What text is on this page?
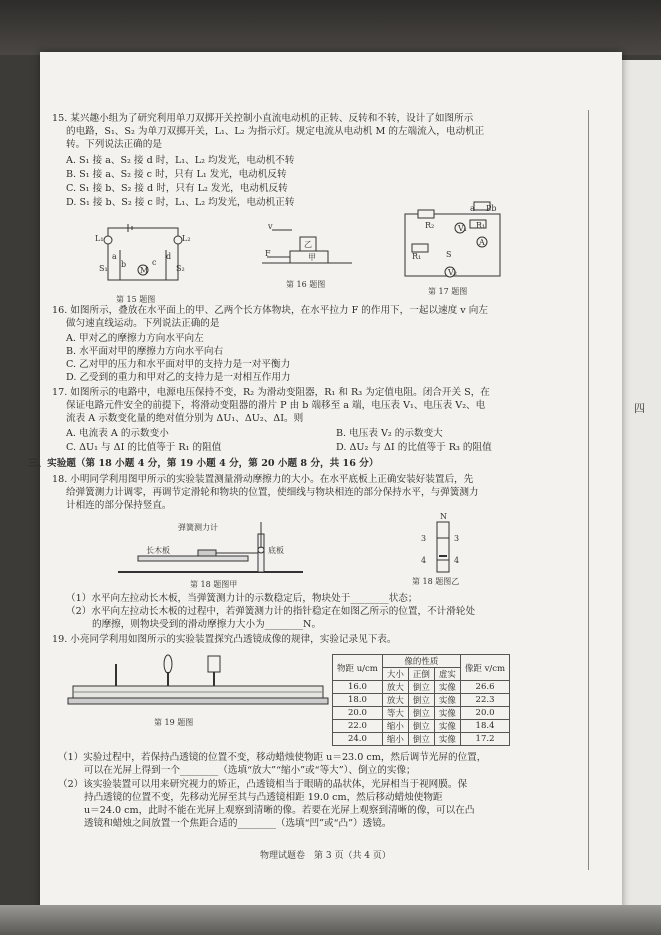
四
15. 某兴趣小组为了研究利用单刀双掷开关控制小直流电动机的正转、反转和不转，设计了如图所示
的电路，S₁、S₂ 为单刀双掷开关，L₁、L₂ 为指示灯。规定电流从电动机 M 的左端流入，电动机正
转。下列说法正确的是
A. S₁ 接 a、S₂ 接 d 时，L₁、L₂ 均发光，电动机不转
B. S₁ 接 a、S₂ 接 c 时，只有 L₁ 发光，电动机反转
C. S₁ 接 b、S₂ 接 d 时，只有 L₂ 发光，电动机反转
D. S₁ 接 b、S₂ 接 c 时，L₁、L₂ 均发光，电动机正转
L₁	L₂
a
b	c
d
S₁	S₂
M
第 15 题图
乙
甲
v
F
第 16 题图
R₂
a Pb
R₁
V₁
A
R₁	S
V₂
第 17 题图
16. 如图所示，叠放在水平面上的甲、乙两个长方体物块，在水平拉力 F 的作用下，一起以速度 v 向左
做匀速直线运动。下列说法正确的是
A. 甲对乙的摩擦力方向水平向左
B. 水平面对甲的摩擦力方向水平向右
C. 乙对甲的压力和水平面对甲的支持力是一对平衡力
D. 乙受到的重力和甲对乙的支持力是一对相互作用力
17. 如图所示的电路中，电源电压保持不变，R₂ 为滑动变阻器，R₁ 和 R₃ 为定值电阻。闭合开关 S，在
保证电路元件安全的前提下，将滑动变阻器的滑片 P 由 b 端移至 a 端，电压表 V₁、电压表 V₂、电
流表 A 示数变化量的绝对值分别为 ΔU₁、ΔU₂、ΔI。则
A. 电流表 A 的示数变小	B. 电压表 V₂ 的示数变大
C. ΔU₁ 与 ΔI 的比值等于 R₁ 的阻值	D. ΔU₂ 与 ΔI 的比值等于 R₃ 的阻值
三、实验题（第 18 小题 4 分，第 19 小题 4 分，第 20 小题 8 分，共 16 分）
18. 小明同学利用图甲所示的实验装置测量滑动摩擦力的大小。在水平底板上正确安装好装置后，先
给弹簧测力计调零，再调节定滑轮和物块的位置，使细线与物块相连的部分保持水平，与弹簧测力
计相连的部分保持竖直。
弹簧测力计
长木板	底板
第 18 题图甲
N
3	3
4	4
第 18 题图乙
（1）水平向左拉动长木板，当弹簧测力计的示数稳定后，物块处于________状态；
（2）水平向左拉动长木板的过程中，若弹簧测力计的指针稳定在如图乙所示的位置，不计滑轮处
的摩擦，则物块受到的滑动摩擦力大小为________N。
19. 小亮同学利用如图所示的实验装置探究凸透镜成像的规律，实验记录见下表。
第 19 题图
物距 u/cm	像的性质			像距 v/cm
	大小	正倒	虚实	
16.0	放大	倒立	实像	26.6
18.0	放大	倒立	实像	22.3
20.0	等大	倒立	实像	20.0
22.0	缩小	倒立	实像	18.4
24.0	缩小	倒立	实像	17.2
（1）实验过程中，若保持凸透镜的位置不变，移动蜡烛使物距 u＝23.0 cm，然后调节光屏的位置，
可以在光屏上得到一个________（选填“放大”“缩小”或“等大”）、倒立的实像；
（2）该实验装置可以用来研究视力的矫正，凸透镜相当于眼睛的晶状体，光屏相当于视网膜。保
持凸透镜的位置不变，先移动光屏至其与凸透镜相距 19.0 cm，然后移动蜡烛使物距
u＝24.0 cm，此时不能在光屏上观察到清晰的像。若要在光屏上观察到清晰的像，可以在凸
透镜和蜡烛之间放置一个焦距合适的________（选填“凹”或“凸”）透镜。
物理试题卷　第 3 页（共 4 页）
